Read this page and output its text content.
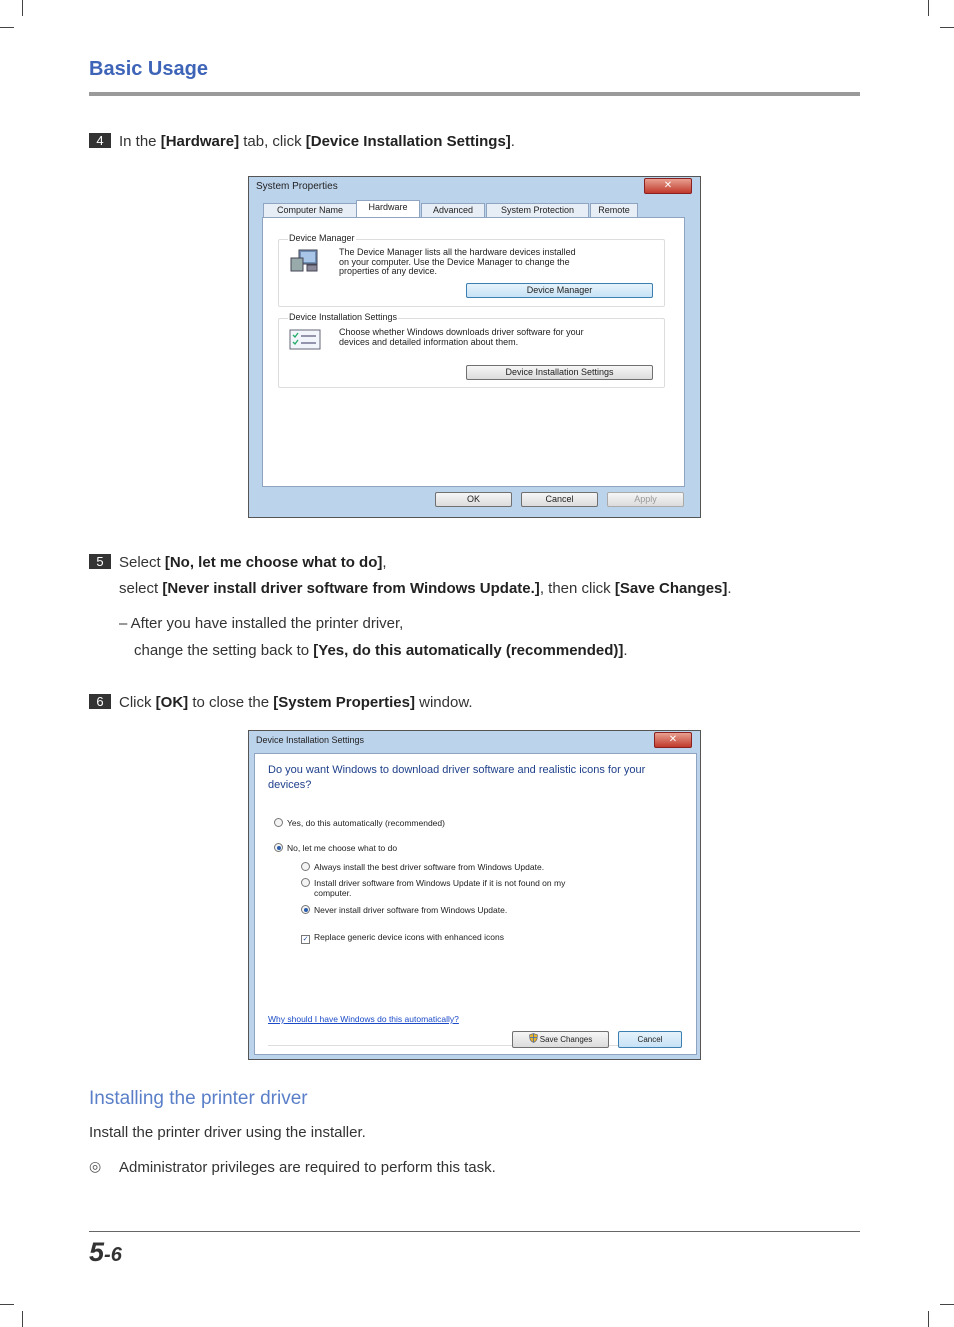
Basic Usage
4 In the [Hardware] tab, click [Device Installation Settings].
System Properties	✕
Computer Name	Hardware	Advanced	System Protection	Remote
Device Manager
The Device Manager lists all the hardware devices installed
on your computer. Use the Device Manager to change the
properties of any device.
Device Manager
Device Installation Settings
Choose whether Windows downloads driver software for your
devices and detailed information about them.
Device Installation Settings
OK	Cancel	Apply
5 Select [No, let me choose what to do],
select [Never install driver software from Windows Update.], then click [Save Changes].
– After you have installed the printer driver,
change the setting back to [Yes, do this automatically (recommended)].
6 Click [OK] to close the [System Properties] window.
Device Installation Settings	✕
Do you want Windows to download driver software and realistic icons for your
devices?
Yes, do this automatically (recommended)
No, let me choose what to do
Always install the best driver software from Windows Update.
Install driver software from Windows Update if it is not found on my
computer.
Never install driver software from Windows Update.
✓ Replace generic device icons with enhanced icons
Why should I have Windows do this automatically?
Save Changes	Cancel
Installing the printer driver
Install the printer driver using the installer.
◎ Administrator privileges are required to perform this task.
5-6
